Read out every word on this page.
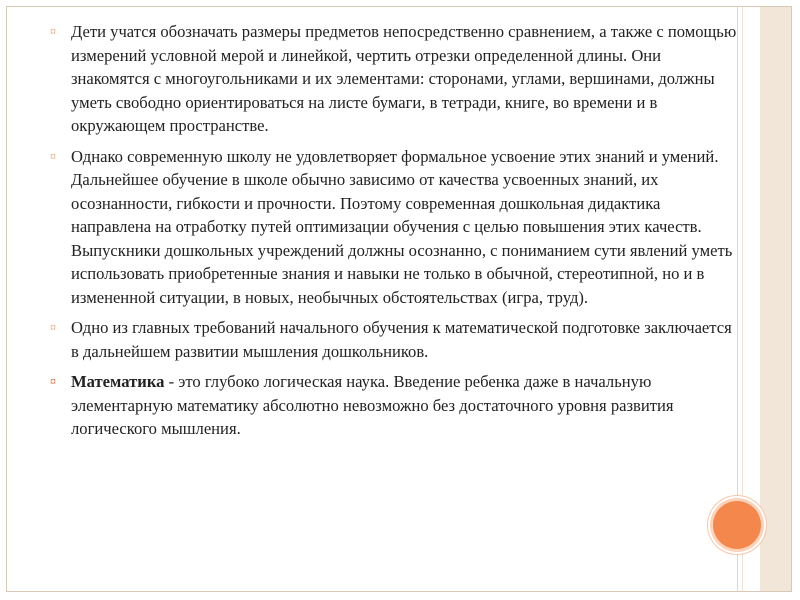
¤ Дети учатся обозначать размеры предметов непосредственно сравнением, а также с помощью измерений условной мерой и линейкой, чертить отрезки определенной длины. Они знакомятся с многоугольниками и их элементами: сторонами, углами, вершинами, должны уметь свободно ориентироваться на листе бумаги, в тетради, книге, во времени и в окружающем пространстве.
¤ Однако современную школу не удовлетворяет формальное усвоение этих знаний и умений. Дальнейшее обучение в школе обычно зависимо от качества усвоенных знаний, их осознанности, гибкости и прочности. Поэтому современная дошкольная дидактика направлена на отработку путей оптимизации обучения с целью повышения этих качеств. Выпускники дошкольных учреждений должны осознанно, с пониманием сути явлений уметь использовать приобретенные знания и навыки не только в обычной, стереотипной, но и в измененной ситуации, в новых, необычных обстоятельствах (игра, труд).
¤ Одно из главных требований начального обучения к математической подготовке заключается в дальнейшем развитии мышления дошкольников.
¤ Математика - это глубоко логическая наука. Введение ребенка даже в начальную элементарную математику абсолютно невозможно без достаточного уровня развития логического мышления.
